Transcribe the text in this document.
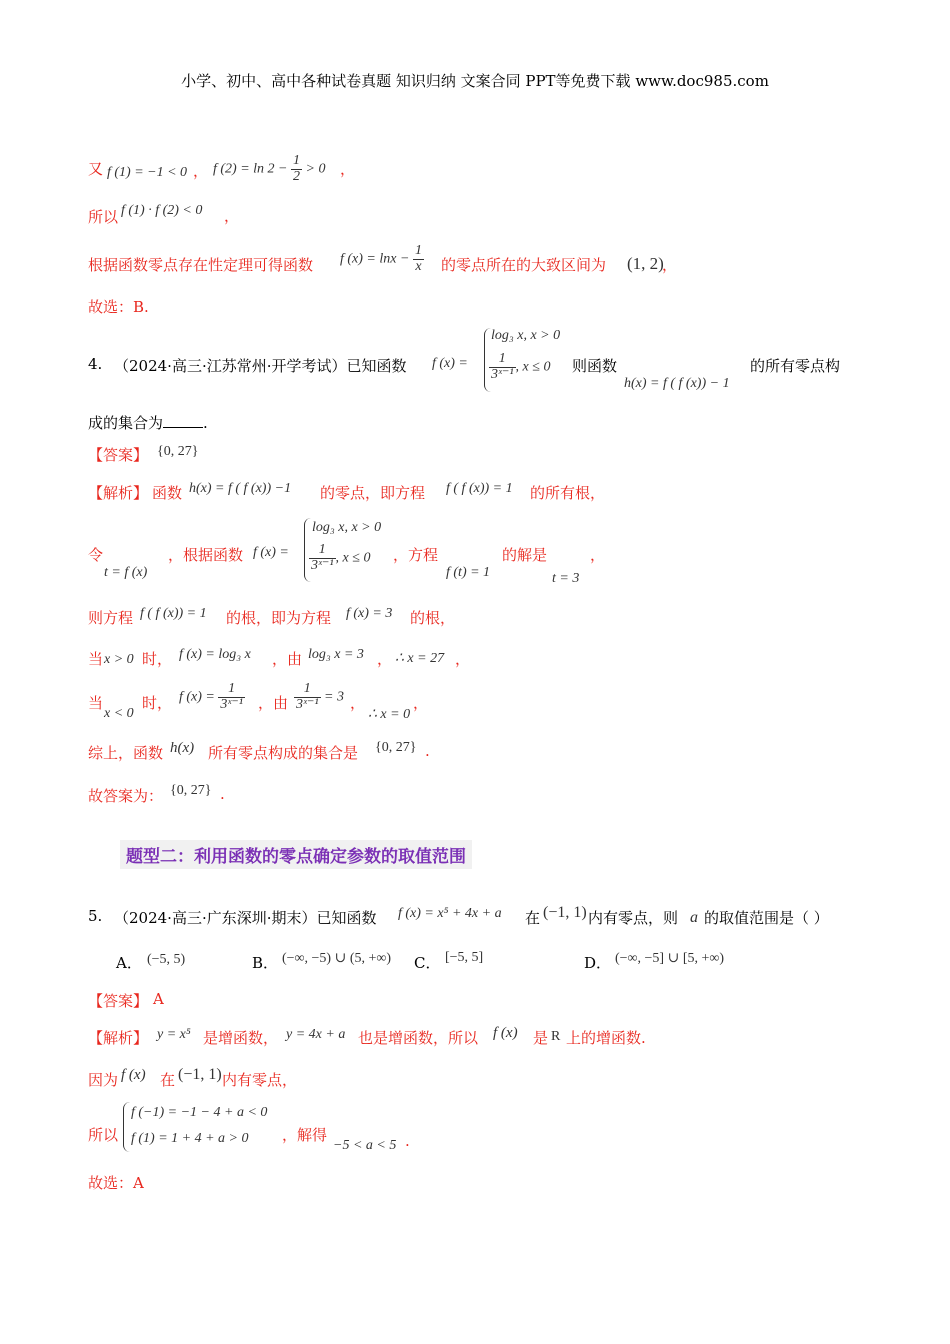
小学、初中、高中各种试卷真题 知识归纳 文案合同 PPT等免费下载 www.doc985.com
又 f (1) = −1 < 0 ， f $(2) = \ln 2 - \frac{1}{2} > 0$ ，
所以 f (1) · f (2) < 0 ，
根据函数零点存在性定理可得函数 f $(x) = \ln x - \frac{1}{x}$ 的零点所在的大致区间为 (1, 2)
，
故选：B.
4. （2024·高三·江苏常州·开学考试）已知函数 f (x) =
log₃ x, x > 0
$\frac{1}{\text{3ˣ⁻¹}}$ , x ≤ 0 则函数
h(x) = f ( f (x)) − 1
的所有零点构
成的集合为	.
【答案】 {0, 27}
【解析】 函数 h(x) = f ( f (x)) −1 的零点，即方程 f ( f (x)) = 1 的所有根，
令
t = f (x)
，根据函数 f (x) =
log₃ x, x > 0
$\frac{1}{\text{3ˣ⁻¹}}$ , x ≤ 0 ，方程
f (t) = 1
的解是
t = 3
，
则方程 f ( f (x)) = 1 的根，即为方程 f (x) = 3 的根，
当 x > 0 时， f (x) = log₃ x ，由 log₃ x = 3 ， ∴ x = 27 ，
当
x < 0
时， f $(x) = \frac{1}{\text{3ˣ⁻¹}}$ ，由 $\frac{1}{\text{3ˣ⁻¹}} = 3$ ，
∴ x = 0
，
综上，函数 h(x) 所有零点构成的集合是 {0, 27} .
故答案为： {0, 27} .
题型二：利用函数的零点确定参数的取值范围
5. （2024·高三·广东深圳·期末）已知函数 f (x) = x⁵ + 4x + a 在 (−1, 1) 内有零点，则 a 的取值范围是（ ）
A． (−5, 5)	B． (−∞, −5) ∪ (5, +∞) C． [−5, 5]	D． (−∞, −5] ∪ [5, +∞)
【答案】 A
【解析】 y = x⁵ 是增函数， y = 4x + a 也是增函数，所以 f (x) 是 R 上的增函数.
因为 f (x) 在 (−1, 1) 内有零点，
所以
f (−1) = −1 − 4 + a < 0
f (1) = 1 + 4 + a > 0 ，解得
−5 < a < 5 .
故选：A
